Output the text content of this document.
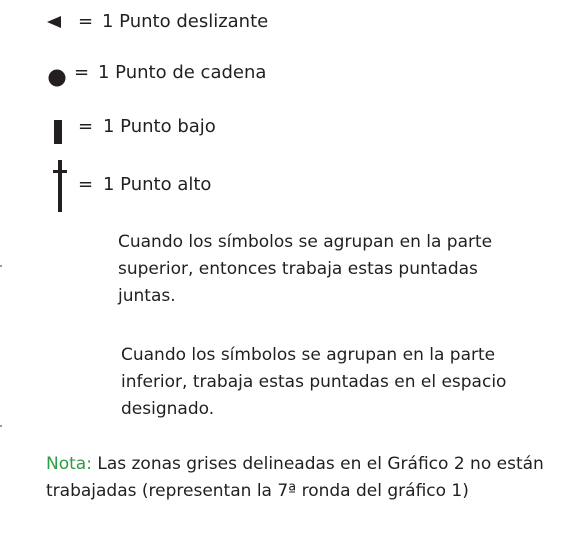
= 1 Punto deslizante
= 1 Punto de cadena
= 1 Punto bajo
= 1 Punto alto

Cuando los símbolos se agrupan en la parte superior, entonces trabaja estas puntadas juntas.

Cuando los símbolos se agrupan en la parte inferior, trabaja estas puntadas en el espacio designado.

Nota: Las zonas grises delineadas en el Gráfico 2 no están trabajadas (representan la 7ª ronda del gráfico 1)
